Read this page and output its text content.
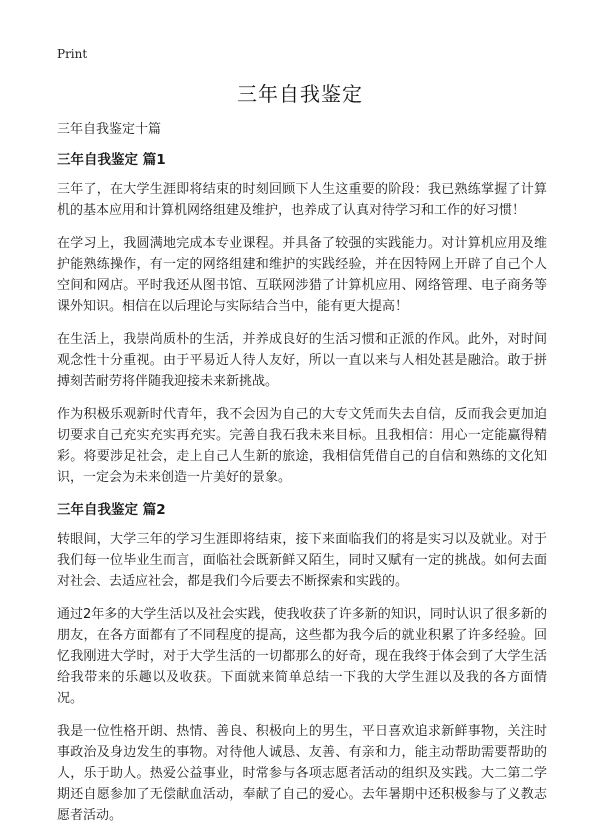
Print
三年自我鉴定

三年自我鉴定十篇

三年自我鉴定 篇1

三年了，在大学生涯即将结束的时刻回顾下人生这重要的阶段：我已熟练掌握了计算机的基本应用和计算机网络组建及维护，也养成了认真对待学习和工作的好习惯！

在学习上，我圆满地完成本专业课程。并具备了较强的实践能力。对计算机应用及维护能熟练操作，有一定的网络组建和维护的实践经验，并在因特网上开辟了自己个人空间和网店。平时我还从图书馆、互联网涉猎了计算机应用、网络管理、电子商务等课外知识。相信在以后理论与实际结合当中，能有更大提高！

在生活上，我崇尚质朴的生活，并养成良好的生活习惯和正派的作风。此外，对时间观念性十分重视。由于平易近人待人友好，所以一直以来与人相处甚是融洽。敢于拼搏刻苦耐劳将伴随我迎接未来新挑战。

作为积极乐观新时代青年，我不会因为自己的大专文凭而失去自信，反而我会更加迫切要求自己充实充实再充实。完善自我石我未来目标。且我相信：用心一定能赢得精彩。将要涉足社会，走上自己人生新的旅途，我相信凭借自己的自信和熟练的文化知识，一定会为未来创造一片美好的景象。

三年自我鉴定 篇2

转眼间，大学三年的学习生涯即将结束，接下来面临我们的将是实习以及就业。对于我们每一位毕业生而言，面临社会既新鲜又陌生，同时又赋有一定的挑战。如何去面对社会、去适应社会，都是我们今后要去不断探索和实践的。

通过2年多的大学生活以及社会实践，使我收获了许多新的知识，同时认识了很多新的朋友，在各方面都有了不同程度的提高，这些都为我今后的就业积累了许多经验。回忆我刚进大学时，对于大学生活的一切都那么的好奇，现在我终于体会到了大学生活给我带来的乐趣以及收获。下面就来简单总结一下我的大学生涯以及我的各方面情况。

我是一位性格开朗、热情、善良、积极向上的男生，平日喜欢追求新鲜事物，关注时事政治及身边发生的事物。对待他人诚恳、友善、有亲和力，能主动帮助需要帮助的人，乐于助人。热爱公益事业，时常参与各项志愿者活动的组织及实践。大二第二学期还自愿参加了无偿献血活动，奉献了自己的爱心。去年暑期中还积极参与了义教志愿者活动。
